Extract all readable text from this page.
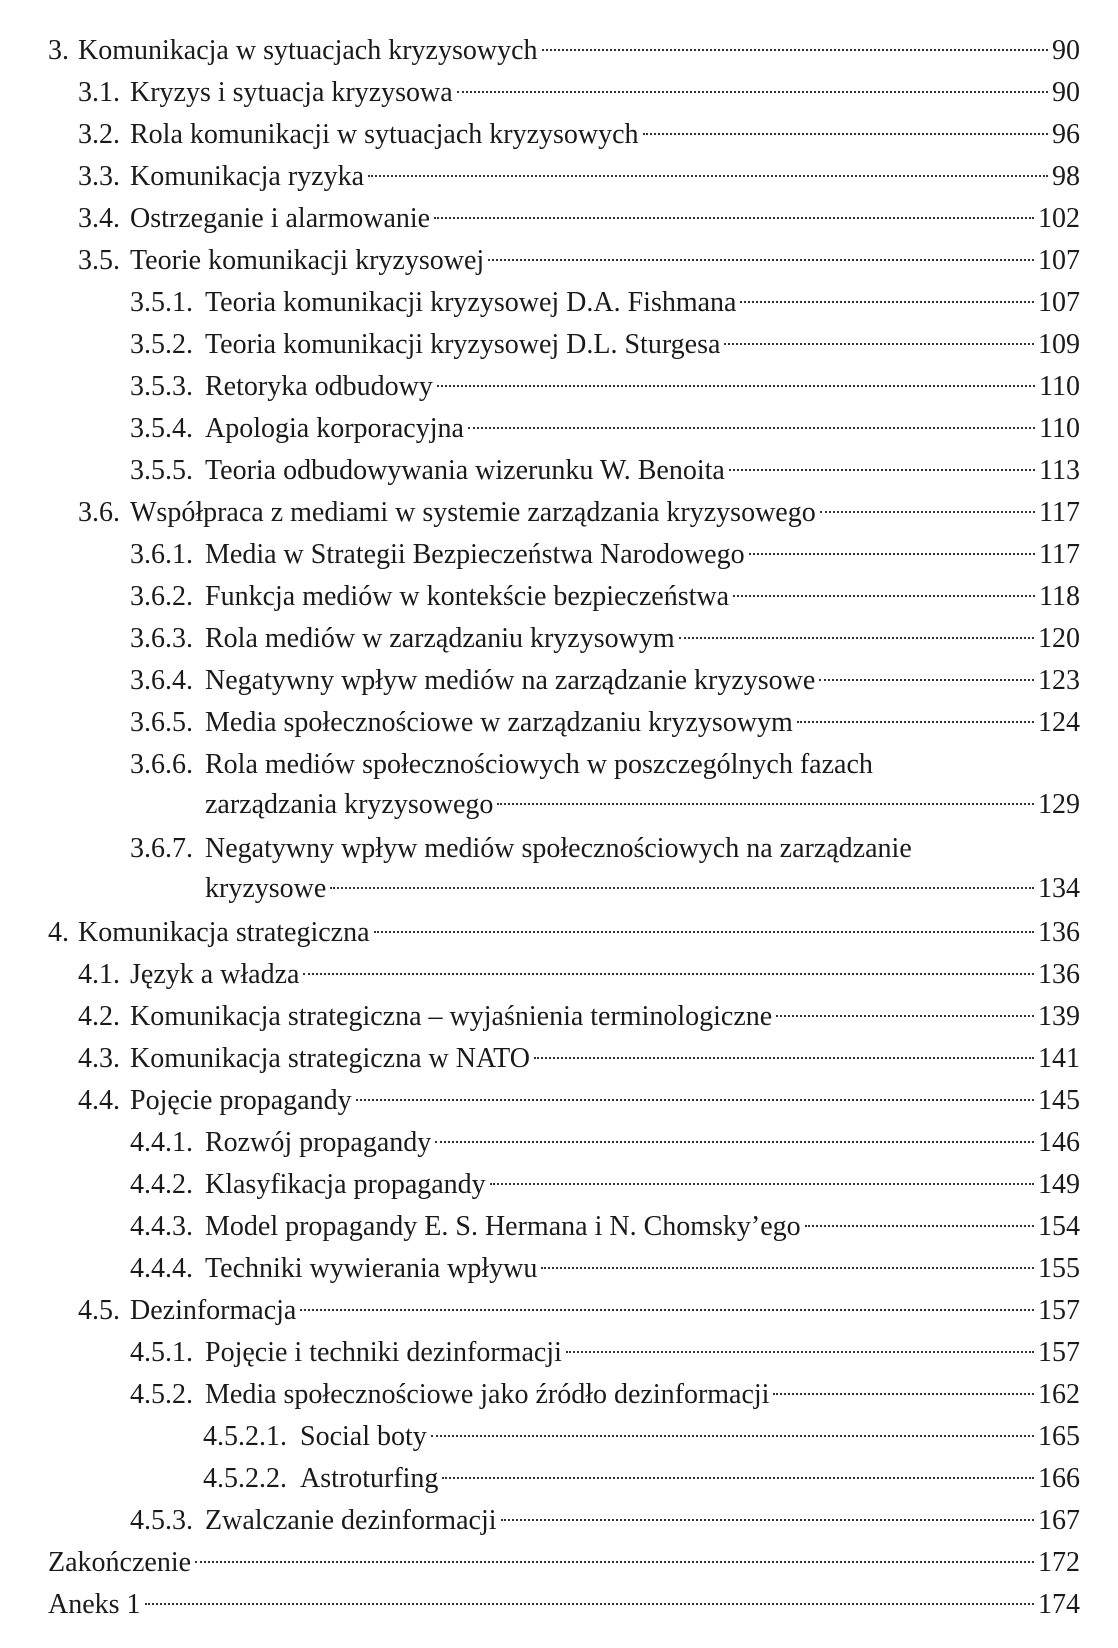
3. Komunikacja w sytuacjach kryzysowych	90
3.1. Kryzys i sytuacja kryzysowa	90
3.2. Rola komunikacji w sytuacjach kryzysowych	96
3.3. Komunikacja ryzyka	98
3.4. Ostrzeganie i alarmowanie	102
3.5. Teorie komunikacji kryzysowej	107
3.5.1. Teoria komunikacji kryzysowej D.A. Fishmana	107
3.5.2. Teoria komunikacji kryzysowej D.L. Sturgesa	109
3.5.3. Retoryka odbudowy	110
3.5.4. Apologia korporacyjna	110
3.5.5. Teoria odbudowywania wizerunku W. Benoita	113
3.6. Współpraca z mediami w systemie zarządzania kryzysowego	117
3.6.1. Media w Strategii Bezpieczeństwa Narodowego	117
3.6.2. Funkcja mediów w kontekście bezpieczeństwa	118
3.6.3. Rola mediów w zarządzaniu kryzysowym	120
3.6.4. Negatywny wpływ mediów na zarządzanie kryzysowe	123
3.6.5. Media społecznościowe w zarządzaniu kryzysowym	124
3.6.6. Rola mediów społecznościowych w poszczególnych fazach
zarządzania kryzysowego	129
3.6.7. Negatywny wpływ mediów społecznościowych na zarządzanie
kryzysowe	134
4. Komunikacja strategiczna	136
4.1. Język a władza	136
4.2. Komunikacja strategiczna – wyjaśnienia terminologiczne	139
4.3. Komunikacja strategiczna w NATO	141
4.4. Pojęcie propagandy	145
4.4.1. Rozwój propagandy	146
4.4.2. Klasyfikacja propagandy	149
4.4.3. Model propagandy E. S. Hermana i N. Chomsky’ego	154
4.4.4. Techniki wywierania wpływu	155
4.5. Dezinformacja	157
4.5.1. Pojęcie i techniki dezinformacji	157
4.5.2. Media społecznościowe jako źródło dezinformacji	162
4.5.2.1. Social boty	165
4.5.2.2. Astroturfing	166
4.5.3. Zwalczanie dezinformacji	167
Zakończenie	172
Aneks 1	174
